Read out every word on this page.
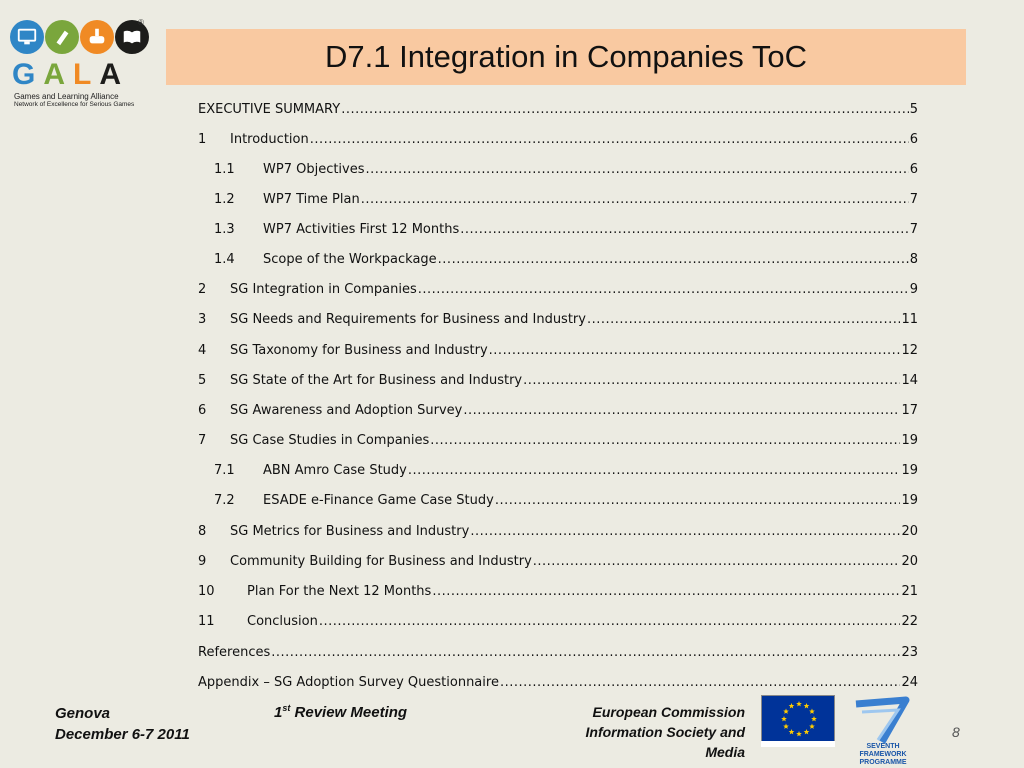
®
GALA
Games and Learning Alliance
Network of Excellence for Serious Games
D7.1 Integration in Companies ToC
EXECUTIVE SUMMARY .....	5
1	Introduction .....	6
1.1	WP7 Objectives .....	6
1.2	WP7 Time Plan .....	7
1.3	WP7 Activities First 12 Months .....	7
1.4	Scope of the Workpackage .....	8
2	SG Integration in Companies .....	9
3	SG Needs and Requirements for Business and Industry .....	11
4	SG Taxonomy for Business and Industry .....	12
5	SG State of the Art for Business and Industry .....	14
6	SG Awareness and Adoption Survey .....	17
7	SG Case Studies in Companies .....	19
7.1	ABN Amro Case Study .....	19
7.2	ESADE e-Finance Game Case Study .....	19
8	SG Metrics for Business and Industry .....	20
9	Community Building for Business and Industry .....	20
10	Plan For the Next 12 Months .....	21
11	Conclusion .....	22
References .....	23
Appendix – SG Adoption Survey Questionnaire .....	24
Genova
December 6-7 2011
1st Review Meeting	European Commission
Information Society and
Media	SEVENTH FRAMEWORK
PROGRAMME
8
